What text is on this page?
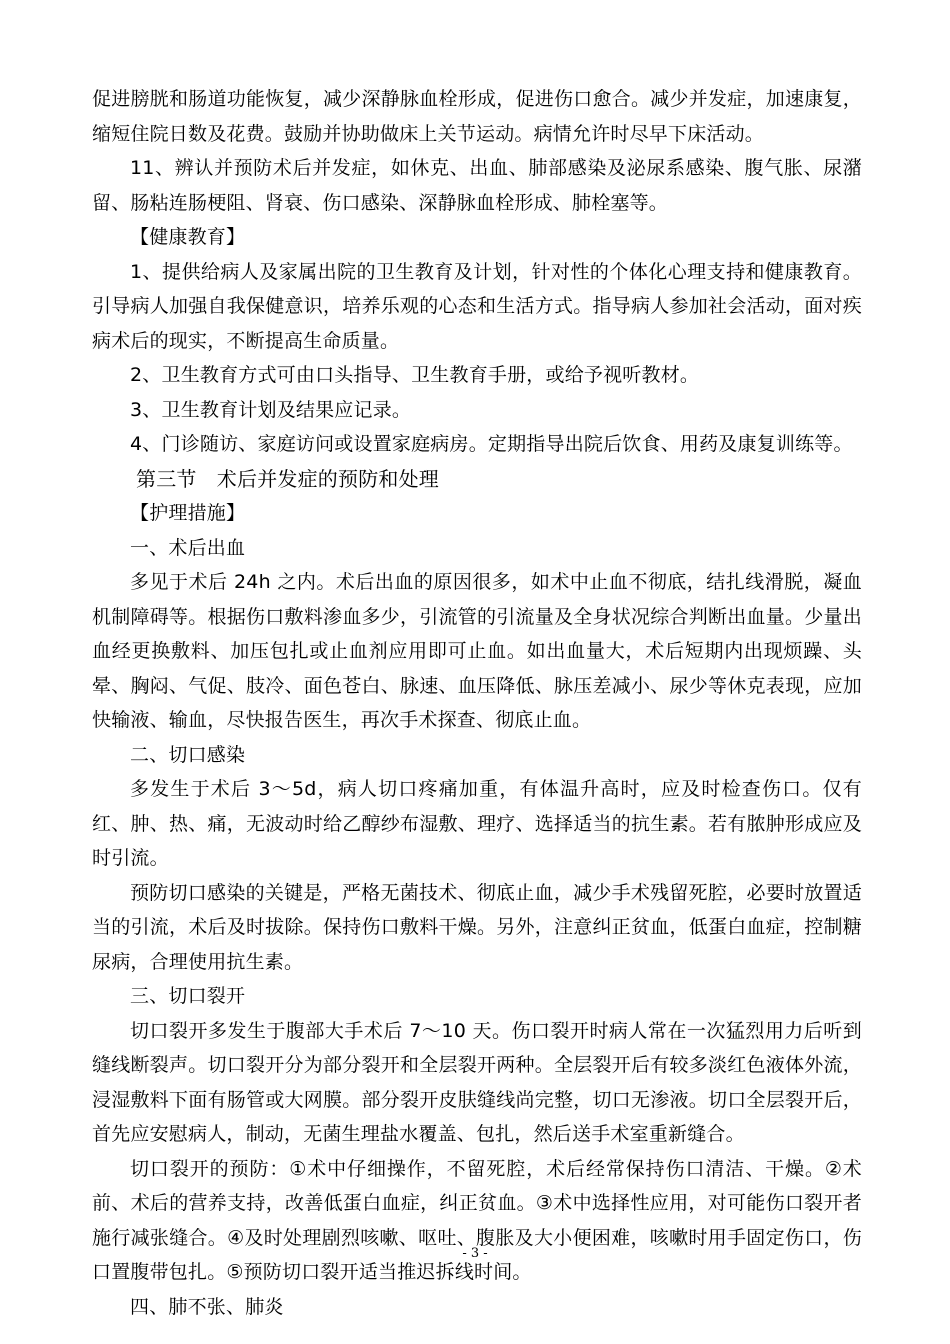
促进膀胱和肠道功能恢复，减少深静脉血栓形成，促进伤口愈合。减少并发症，加速康复，缩短住院日数及花费。鼓励并协助做床上关节运动。病情允许时尽早下床活动。

11、辨认并预防术后并发症，如休克、出血、肺部感染及泌尿系感染、腹气胀、尿潴留、肠粘连肠梗阻、肾衰、伤口感染、深静脉血栓形成、肺栓塞等。

【健康教育】

1、提供给病人及家属出院的卫生教育及计划，针对性的个体化心理支持和健康教育。引导病人加强自我保健意识，培养乐观的心态和生活方式。指导病人参加社会活动，面对疾病术后的现实，不断提高生命质量。

2、卫生教育方式可由口头指导、卫生教育手册，或给予视听教材。

3、卫生教育计划及结果应记录。

4、门诊随访、家庭访问或设置家庭病房。定期指导出院后饮食、用药及康复训练等。

第三节　术后并发症的预防和处理

【护理措施】

一、术后出血

多见于术后 24h 之内。术后出血的原因很多，如术中止血不彻底，结扎线滑脱，凝血机制障碍等。根据伤口敷料渗血多少，引流管的引流量及全身状况综合判断出血量。少量出血经更换敷料、加压包扎或止血剂应用即可止血。如出血量大，术后短期内出现烦躁、头晕、胸闷、气促、肢冷、面色苍白、脉速、血压降低、脉压差减小、尿少等休克表现，应加快输液、输血，尽快报告医生，再次手术探查、彻底止血。

二、切口感染

多发生于术后 3～5d，病人切口疼痛加重，有体温升高时，应及时检查伤口。仅有红、肿、热、痛，无波动时给乙醇纱布湿敷、理疗、选择适当的抗生素。若有脓肿形成应及时引流。

预防切口感染的关键是，严格无菌技术、彻底止血，减少手术残留死腔，必要时放置适当的引流，术后及时拔除。保持伤口敷料干燥。另外，注意纠正贫血，低蛋白血症，控制糖尿病，合理使用抗生素。

三、切口裂开

切口裂开多发生于腹部大手术后 7～10 天。伤口裂开时病人常在一次猛烈用力后听到缝线断裂声。切口裂开分为部分裂开和全层裂开两种。全层裂开后有较多淡红色液体外流，浸湿敷料下面有肠管或大网膜。部分裂开皮肤缝线尚完整，切口无渗液。切口全层裂开后，首先应安慰病人，制动，无菌生理盐水覆盖、包扎，然后送手术室重新缝合。

切口裂开的预防：①术中仔细操作，不留死腔，术后经常保持伤口清洁、干燥。②术前、术后的营养支持，改善低蛋白血症，纠正贫血。③术中选择性应用，对可能伤口裂开者施行减张缝合。④及时处理剧烈咳嗽、呕吐、腹胀及大小便困难，咳嗽时用手固定伤口，伤口置腹带包扎。⑤预防切口裂开适当推迟拆线时间。

四、肺不张、肺炎

- 3 -
